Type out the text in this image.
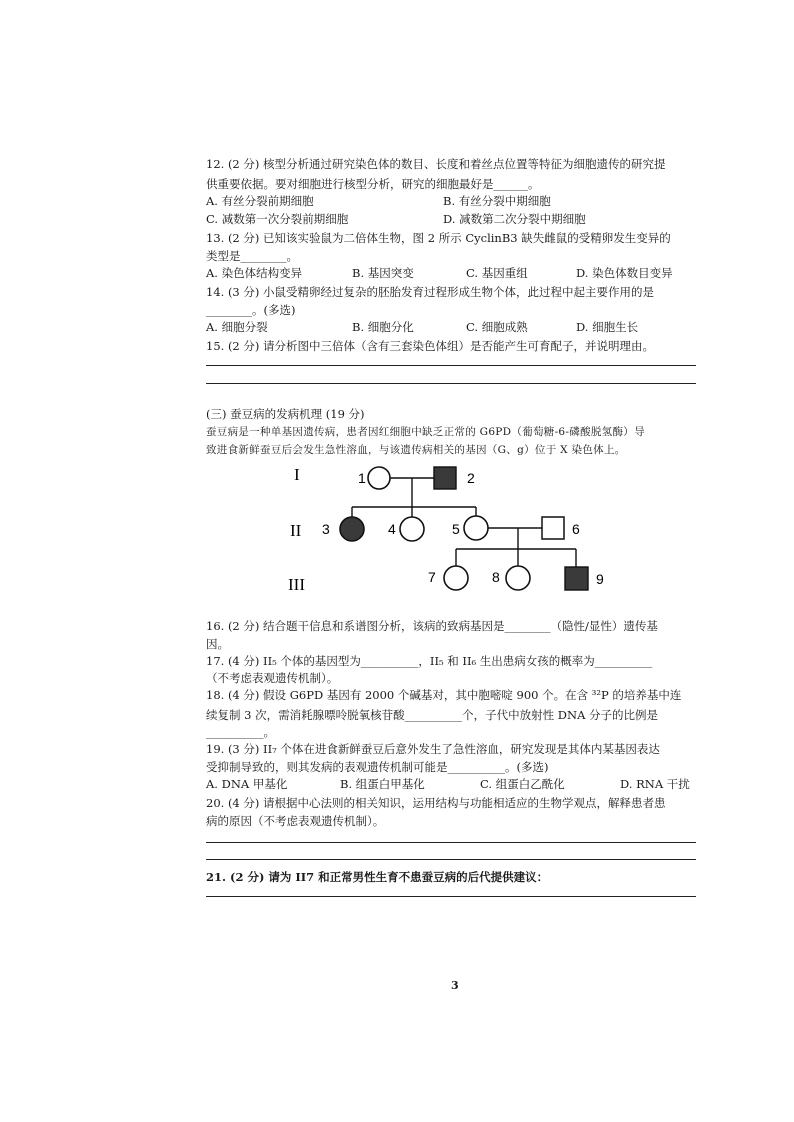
12. (2 分) 核型分析通过研究染色体的数目、长度和着丝点位置等特征为细胞遗传的研究提
供重要依据。要对细胞进行核型分析，研究的细胞最好是______。
A. 有丝分裂前期细胞	B. 有丝分裂中期细胞
C. 减数第一次分裂前期细胞	D. 减数第二次分裂中期细胞
13. (2 分) 已知该实验鼠为二倍体生物，图 2 所示 CyclinB3 缺失雌鼠的受精卵发生变异的
类型是________。
A. 染色体结构变异	B. 基因突变	C. 基因重组	D. 染色体数目变异
14. (3 分) 小鼠受精卵经过复杂的胚胎发育过程形成生物个体，此过程中起主要作用的是
________。(多选)
A. 细胞分裂	B. 细胞分化	C. 细胞成熟	D. 细胞生长
15. (2 分) 请分析图中三倍体（含有三套染色体组）是否能产生可育配子，并说明理由。
(三) 蚕豆病的发病机理 (19 分)
蚕豆病是一种单基因遗传病，患者因红细胞中缺乏正常的 G6PD（葡萄糖-6-磷酸脱氢酶）导
致进食新鲜蚕豆后会发生急性溶血，与该遗传病相关的基因（G、g）位于 X 染色体上。
I
II
III
1	2
3	4	5	6
7	8	9
16. (2 分) 结合题干信息和系谱图分析，该病的致病基因是________（隐性/显性）遗传基
因。
17. (4 分) II₅ 个体的基因型为__________，II₅ 和 II₆ 生出患病女孩的概率为__________
（不考虑表观遗传机制）。
18. (4 分) 假设 G6PD 基因有 2000 个碱基对，其中胞嘧啶 900 个。在含 ³²P 的培养基中连
续复制 3 次，需消耗腺嘌呤脱氧核苷酸__________个，子代中放射性 DNA 分子的比例是
__________。
19. (3 分) II₇ 个体在进食新鲜蚕豆后意外发生了急性溶血，研究发现是其体内某基因表达
受抑制导致的，则其发病的表观遗传机制可能是__________。(多选)
A. DNA 甲基化	B. 组蛋白甲基化	C. 组蛋白乙酰化	D. RNA 干扰
20. (4 分) 请根据中心法则的相关知识，运用结构与功能相适应的生物学观点，解释患者患
病的原因（不考虑表观遗传机制）。
21. (2 分) 请为 II7 和正常男性生育不患蚕豆病的后代提供建议：
3
